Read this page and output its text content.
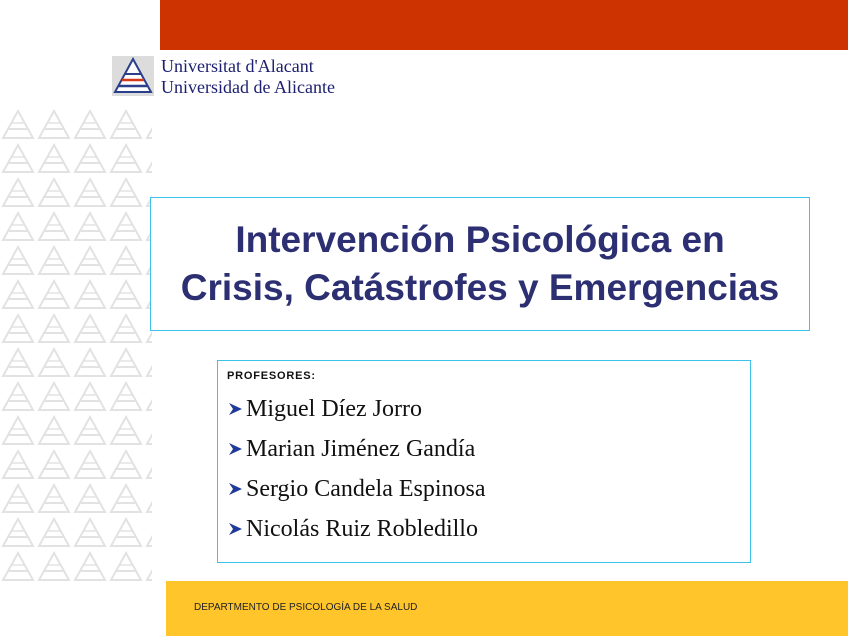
Universitat d'Alacant
Universidad de Alicante
Intervención Psicológica en
Crisis, Catástrofes y Emergencias
PROFESORES:
Miguel Díez Jorro
Marian Jiménez Gandía
Sergio Candela Espinosa
Nicolás Ruiz Robledillo
DEPARTMENTO DE PSICOLOGÍA DE LA SALUD
